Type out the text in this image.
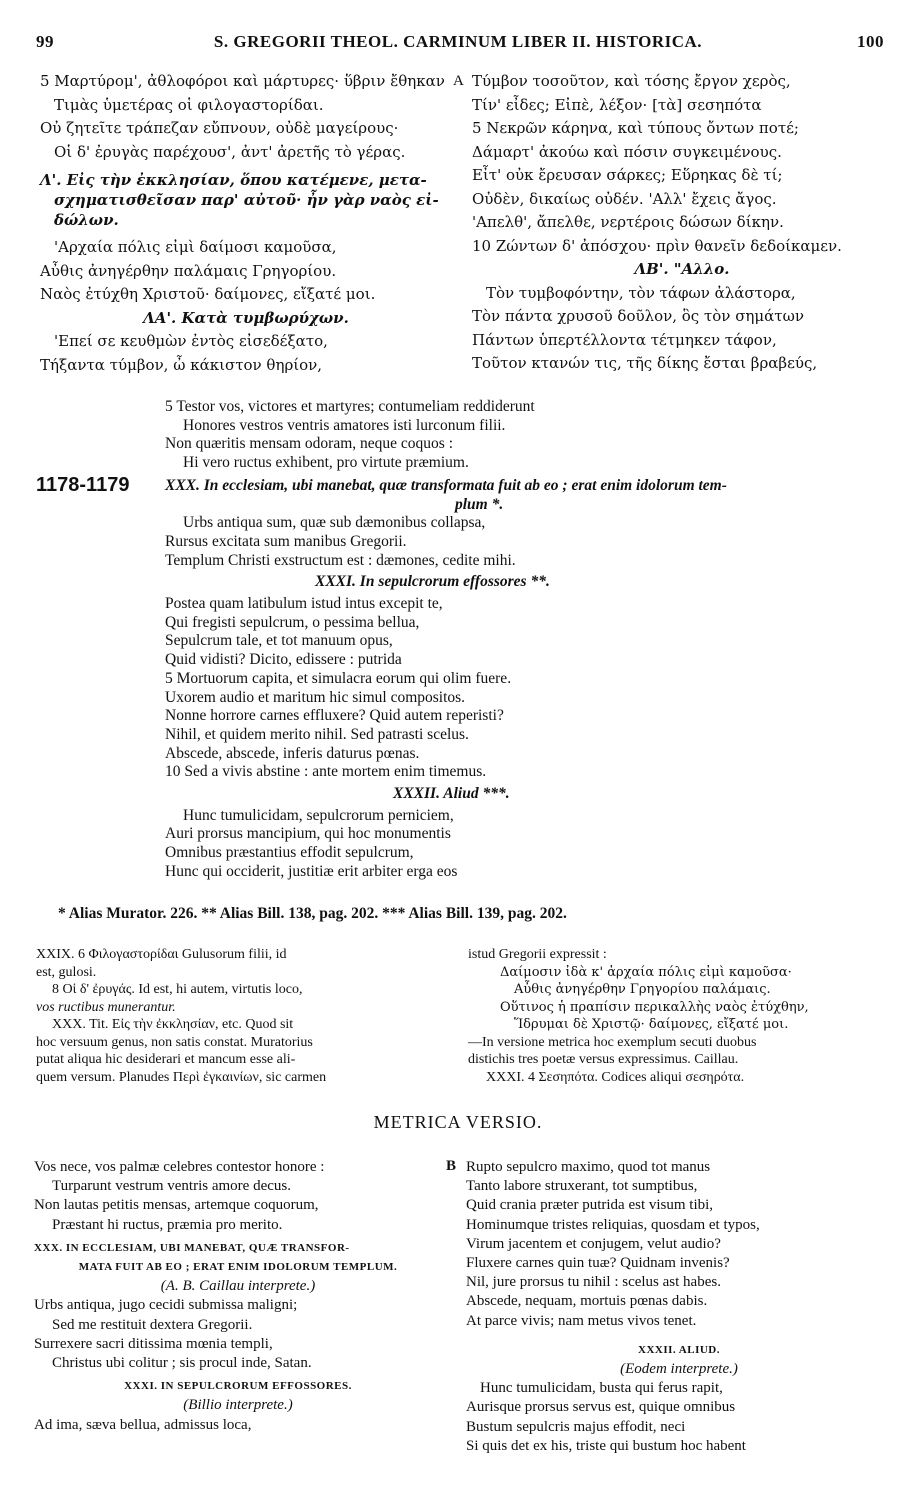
99	S. GREGORII THEOL. CARMINUM LIBER II. HISTORICA.	100
5 Μαρτύρομ', ἀθλοφόροι καὶ μάρτυρες· ὕβριν ἔθηκαν
Τιμὰς ὑμετέρας οἱ φιλογαστορίδαι.
Οὐ ζητεῖτε τράπεζαν εὔπνουν, οὐδὲ μαγείρους·
Οἱ δ' ἐρυγὰς παρέχουσ', ἀντ' ἀρετῆς τὸ γέρας.
Λ'. Εἰς τὴν ἐκκλησίαν, ὅπου κατέμενε, μετα-
σχηματισθεῖσαν παρ' αὐτοῦ· ἦν γὰρ ναὸς εἰ-
δώλων.
'Αρχαία πόλις εἰμὶ δαίμοσι καμοῦσα,
Αὖθις ἀνηγέρθην παλάμαις Γρηγορίου.
Ναὸς ἐτύχθη Χριστοῦ· δαίμονες, εἴξατέ μοι.
ΛΑ'. Κατὰ τυμβωρύχων.
'Επεί σε κευθμὼν ἐντὸς εἰσεδέξατο,
Τήξαντα τύμβον, ὦ κάκιστον θηρίον,
A Τύμβον τοσοῦτον, καὶ τόσης ἔργον χερὸς,
Τίν' εἶδες; Εἰπὲ, λέξον· [τὰ] σεσηπότα
5 Νεκρῶν κάρηνα, καὶ τύπους ὄντων ποτέ;
Δάμαρτ' ἀκούω καὶ πόσιν συγκειμένους.
Εἶτ' οὐκ ἔρευσαν σάρκες; Εὕρηκας δὲ τί;
Οὐδὲν, δικαίως οὐδέν. 'Αλλ' ἔχεις ἄγος.
'Απελθ', ἄπελθε, νερτέροις δώσων δίκην.
10 Ζώντων δ' ἀπόσχου· πρὶν θανεῖν δεδοίκαμεν.
ΛΒ'. "Αλλο.
Τὸν τυμβοφόντην, τὸν τάφων ἀλάστορα,
Τὸν πάντα χρυσοῦ δοῦλον, ὃς τὸν σημάτων
Πάντων ὑπερτέλλοντα τέτμηκεν τάφον,
Τοῦτον κτανών τις, τῆς δίκης ἔσται βραβεύς,
1178-1179
5 Testor vos, victores et martyres; contumeliam reddiderunt
Honores vestros ventris amatores isti lurconum filii.
Non quæritis mensam odoram, neque coquos :
Hi vero ructus exhibent, pro virtute præmium.
XXX. In ecclesiam, ubi manebat, quæ transformata fuit ab eo ; erat enim idolorum tem-
plum *.
Urbs antiqua sum, quæ sub dæmonibus collapsa,
Rursus excitata sum manibus Gregorii.
Templum Christi exstructum est : dæmones, cedite mihi.
XXXI. In sepulcrorum effossores **.
Postea quam latibulum istud intus excepit te,
Qui fregisti sepulcrum, o pessima bellua,
Sepulcrum tale, et tot manuum opus,
Quid vidisti? Dicito, edissere : putrida
5 Mortuorum capita, et simulacra eorum qui olim fuere.
Uxorem audio et maritum hic simul compositos.
Nonne horrore carnes effluxere? Quid autem reperisti?
Nihil, et quidem merito nihil. Sed patrasti scelus.
Abscede, abscede, inferis daturus pœnas.
10 Sed a vivis abstine : ante mortem enim timemus.
XXXII. Aliud ***.
Hunc tumulicidam, sepulcrorum perniciem,
Auri prorsus mancipium, qui hoc monumentis
Omnibus præstantius effodit sepulcrum,
Hunc qui occiderit, justitiæ erit arbiter erga eos
* Alias Murator. 226. ** Alias Bill. 138, pag. 202. *** Alias Bill. 139, pag. 202.
XXIX. 6 Φιλογαστορίδαι Gulusorum filii, id
est, gulosi.
8 Οἱ δ' ἐρυγάς. Id est, hi autem, virtutis loco,
vos ructibus munerantur.
XXX. Tit. Εἰς τὴν ἐκκλησίαν, etc. Quod sit
hoc versuum genus, non satis constat. Muratorius
putat aliqua hic desiderari et mancum esse ali-
quem versum. Planudes Περὶ ἐγκαινίων, sic carmen
istud Gregorii expressit :
Δαίμοσιν ἰδὰ κ' ἀρχαία πόλις εἰμὶ καμοῦσα·
Αὖθις ἀνηγέρθην Γρηγορίου παλάμαις.
Οὕτινος ἡ πραπίσιν περικαλλὴς ναὸς ἐτύχθην,
Ἵδρυμαι δὲ Χριστῷ· δαίμονες, εἴξατέ μοι.
—In versione metrica hoc exemplum secuti duobus
distichis tres poetæ versus expressimus. Caillau.
XXXI. 4 Σεσηπότα. Codices aliqui σεσηρότα.
METRICA VERSIO.
Vos nece, vos palmæ celebres contestor honore :
Turparunt vestrum ventris amore decus.
Non lautas petitis mensas, artemque coquorum,
Præstant hi ructus, præmia pro merito.
XXX. IN ECCLESIAM, UBI MANEBAT, QUÆ TRANSFOR-
MATA FUIT AB EO ; ERAT ENIM IDOLORUM TEMPLUM.
(A. B. Caillau interprete.)
Urbs antiqua, jugo cecidi submissa maligni;
Sed me restituit dextera Gregorii.
Surrexere sacri ditissima mœnia templi,
Christus ubi colitur ; sis procul inde, Satan.
XXXI. IN SEPULCRORUM EFFOSSORES.
(Billio interprete.)
Ad ima, sæva bellua, admissus loca,
B Rupto sepulcro maximo, quod tot manus
Tanto labore struxerant, tot sumptibus,
Quid crania præter putrida est visum tibi,
Hominumque tristes reliquias, quosdam et typos,
Virum jacentem et conjugem, velut audio?
Fluxere carnes quin tuæ? Quidnam invenis?
Nil, jure prorsus tu nihil : scelus ast habes.
Abscede, nequam, mortuis pœnas dabis.
At parce vivis; nam metus vivos tenet.
XXXII. ALIUD.
(Eodem interprete.)
Hunc tumulicidam, busta qui ferus rapit,
Aurisque prorsus servus est, quique omnibus
Bustum sepulcris majus effodit, neci
Si quis det ex his, triste qui bustum hoc habent
